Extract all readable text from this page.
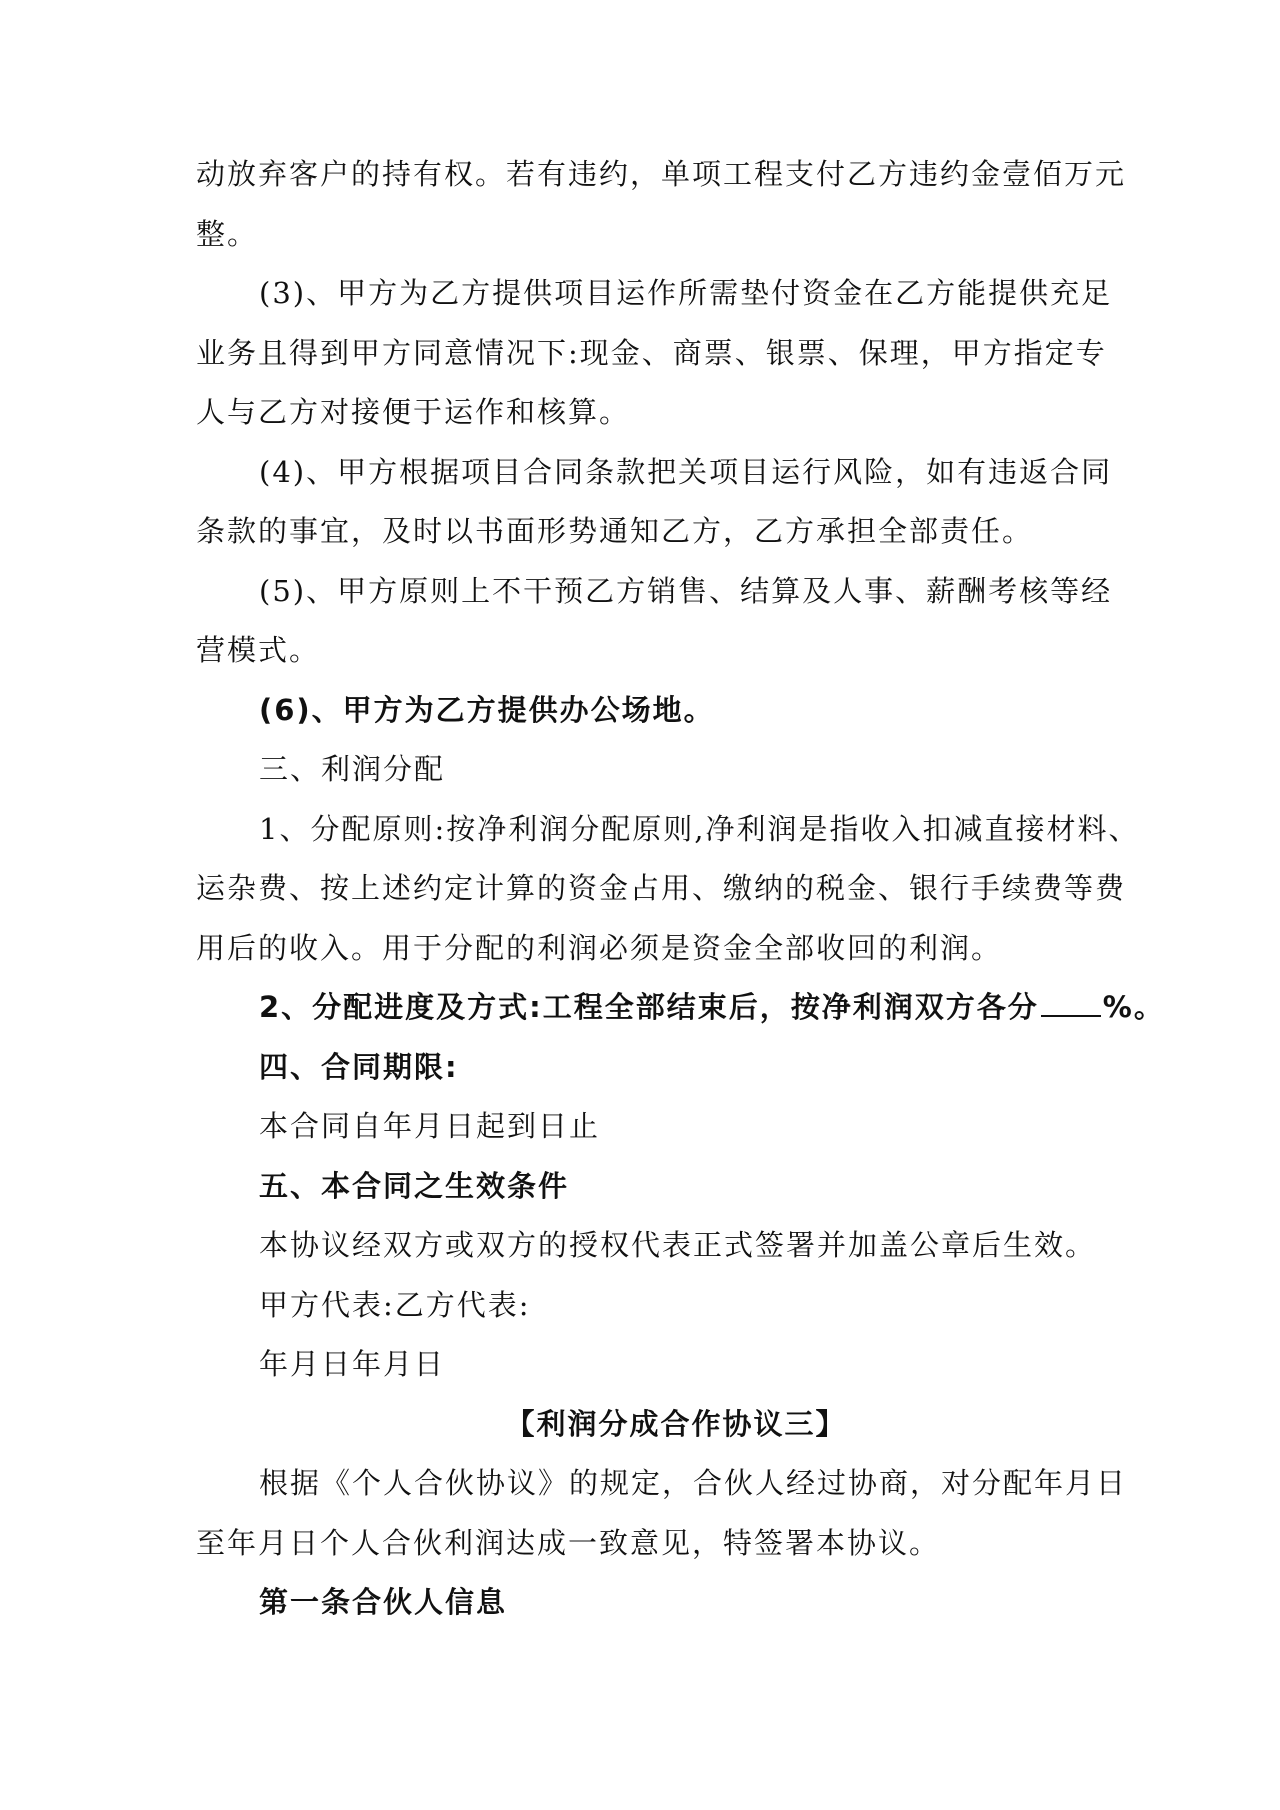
动放弃客户的持有权。若有违约，单项工程支付乙方违约金壹佰万元
整。
(3)、甲方为乙方提供项目运作所需垫付资金在乙方能提供充足
业务且得到甲方同意情况下:现金、商票、银票、保理，甲方指定专
人与乙方对接便于运作和核算。
(4)、甲方根据项目合同条款把关项目运行风险，如有违返合同
条款的事宜，及时以书面形势通知乙方，乙方承担全部责任。
(5)、甲方原则上不干预乙方销售、结算及人事、薪酬考核等经
营模式。
(6)、甲方为乙方提供办公场地。
三、利润分配
1、分配原则:按净利润分配原则,净利润是指收入扣减直接材料、
运杂费、按上述约定计算的资金占用、缴纳的税金、银行手续费等费
用后的收入。用于分配的利润必须是资金全部收回的利润。
2、分配进度及方式:工程全部结束后，按净利润双方各分 %。
四、合同期限:
本合同自年月日起到日止
五、本合同之生效条件
本协议经双方或双方的授权代表正式签署并加盖公章后生效。
甲方代表:乙方代表:
年月日年月日
【利润分成合作协议三】
根据《个人合伙协议》的规定，合伙人经过协商，对分配年月日
至年月日个人合伙利润达成一致意见，特签署本协议。
第一条合伙人信息
